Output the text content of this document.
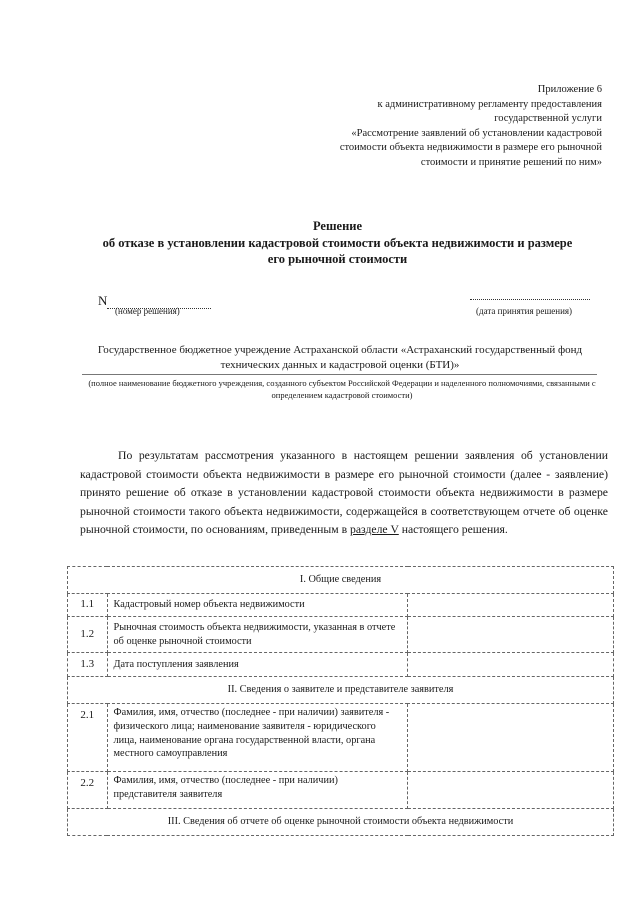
Приложение 6
к административному регламенту предоставления
государственной услуги
«Рассмотрение заявлений об установлении кадастровой
стоимости объекта недвижимости в размере его рыночной
стоимости и принятие решений по ним»
Решение
об отказе в установлении кадастровой стоимости объекта недвижимости и размере
его рыночной стоимости
N
(номер решения)	(дата принятия решения)
Государственное бюджетное учреждение Астраханской области «Астраханский государственный фонд технических данных и кадастровой оценки (БТИ)»
(полное наименование бюджетного учреждения, созданного субъектом Российской Федерации и наделенного полномочиями, связанными с определением кадастровой стоимости)
По результатам рассмотрения указанного в настоящем решении заявления об установлении кадастровой стоимости объекта недвижимости в размере его рыночной стоимости (далее - заявление) принято решение об отказе в установлении кадастровой стоимости объекта недвижимости в размере рыночной стоимости такого объекта недвижимости, содержащейся в соответствующем отчете об оценке рыночной стоимости, по основаниям, приведенным в разделе V настоящего решения.
I. Общие сведения		
1.1	Кадастровый номер объекта недвижимости	
1.2	Рыночная стоимость объекта недвижимости, указанная в отчете об оценке рыночной стоимости	
1.3	Дата поступления заявления	
II. Сведения о заявителе и представителе заявителя		
2.1	Фамилия, имя, отчество (последнее - при наличии) заявителя - физического лица; наименование заявителя - юридического лица, наименование органа государственной власти, органа местного самоуправления	
2.2	Фамилия, имя, отчество (последнее - при наличии) представителя заявителя	
III. Сведения об отчете об оценке рыночной стоимости объекта недвижимости		
